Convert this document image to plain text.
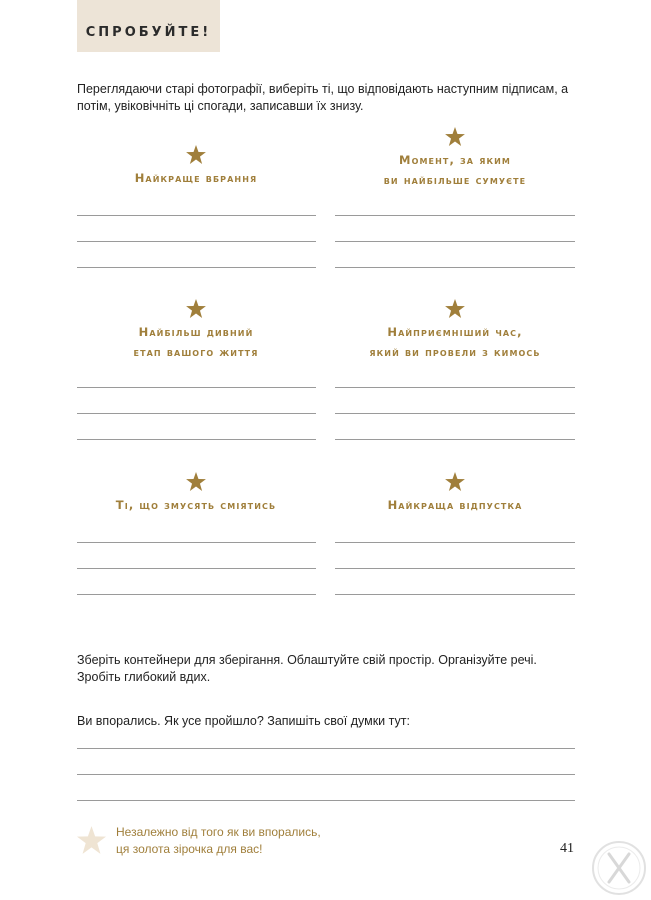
СПРОБУЙТЕ!
Переглядаючи старі фотографії, виберіть ті, що відповідають наступним підписам, а потім, увіковічніть ці спогади, записавши їх знизу.
Найкраще вбрання
Момент, за яким
ви найбільше сумуєте
Найбільш дивний
етап вашого життя
Найприємніший час,
який ви провели з кимось
Ті, що змусять сміятись	Найкраща відпустка
Зберіть контейнери для зберігання. Облаштуйте свій простір. Організуйте речі. Зробіть глибокий вдих.
Ви впорались. Як усе пройшло? Запишіть свої думки тут:
Незалежно від того як ви впорались,
ця золота зірочка для вас!	41
